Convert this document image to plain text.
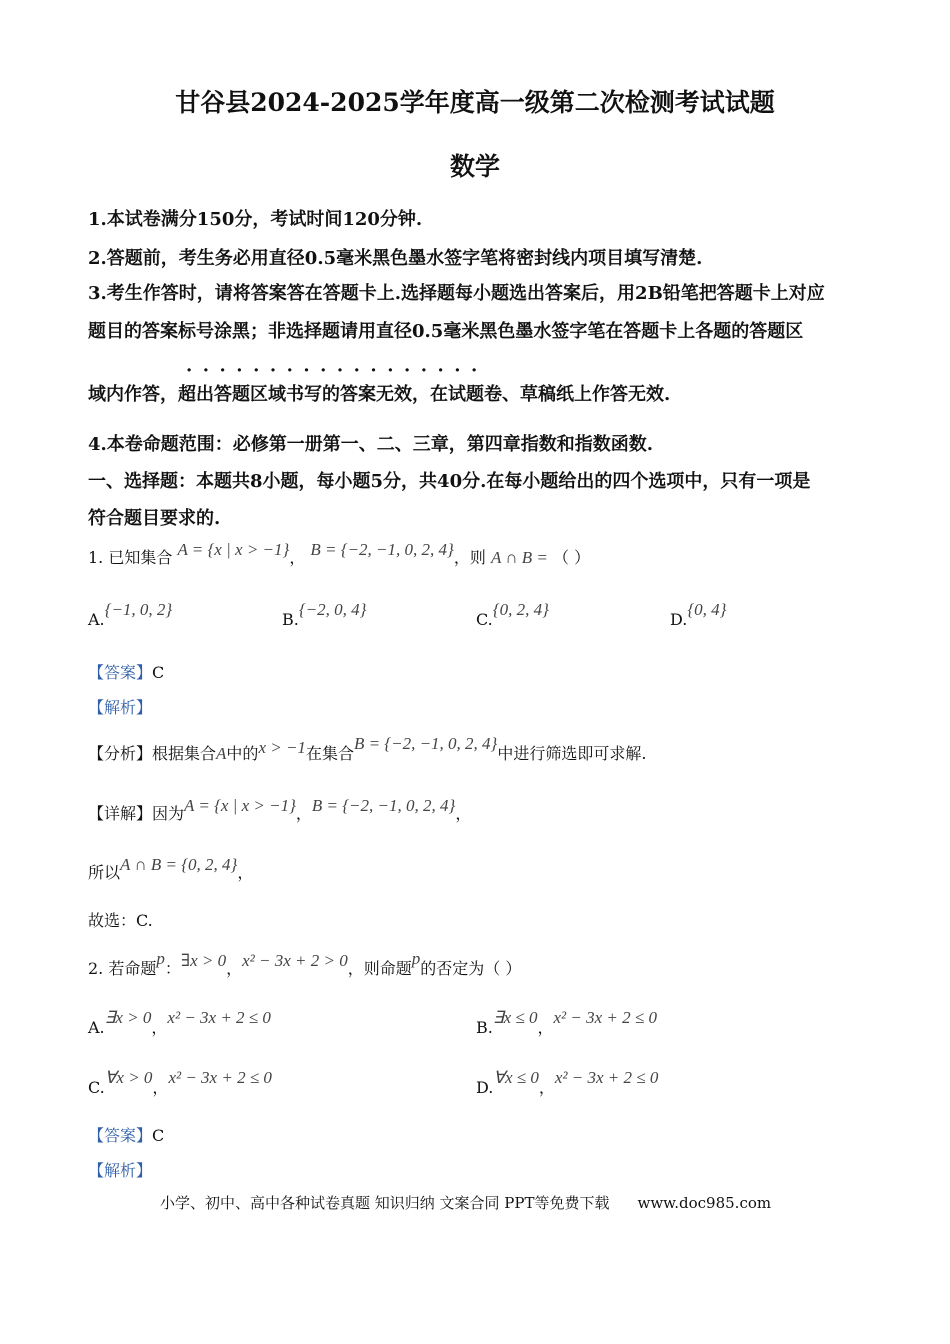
甘谷县2024-2025学年度高一级第二次检测考试试题
数学
1.本试卷满分150分，考试时间120分钟.
2.答题前，考生务必用直径0.5毫米黑色墨水签字笔将密封线内项目填写清楚.
3.考生作答时，请将答案答在答题卡上.选择题每小题选出答案后，用2B铅笔把答题卡上对应
题目的答案标号涂黑；非选择题请用直径0.5毫米黑色墨水签字笔在答题卡上各题的答题区
··················
域内作答，超出答题区域书写的答案无效，在试题卷、草稿纸上作答无效.
4.本卷命题范围：必修第一册第一、二、三章，第四章指数和指数函数.
一、选择题：本题共8小题，每小题5分，共40分.在每小题给出的四个选项中，只有一项是
符合题目要求的.
1. 已知集合 A = {x | x > −1}， B = {−2, −1, 0, 2, 4}，则 A ∩ B = （ ）
A.{−1, 0, 2}
B.{−2, 0, 4}
C.{0, 2, 4}
D.{0, 4}
【答案】C
【解析】
【分析】根据集合A中的x > −1在集合B = {−2, −1, 0, 2, 4}中进行筛选即可求解.
【详解】因为A = {x | x > −1}，B = {−2, −1, 0, 2, 4}，
所以A ∩ B = {0, 2, 4}，
故选：C.
2. 若命题p：∃x > 0，x² − 3x + 2 > 0，则命题p的否定为（ ）
A.∃x > 0，x² − 3x + 2 ≤ 0
B.∃x ≤ 0，x² − 3x + 2 ≤ 0
C.∀x > 0，x² − 3x + 2 ≤ 0
D.∀x ≤ 0，x² − 3x + 2 ≤ 0
【答案】C
【解析】
小学、初中、高中各种试卷真题 知识归纳 文案合同 PPT等免费下载 www.doc985.com
